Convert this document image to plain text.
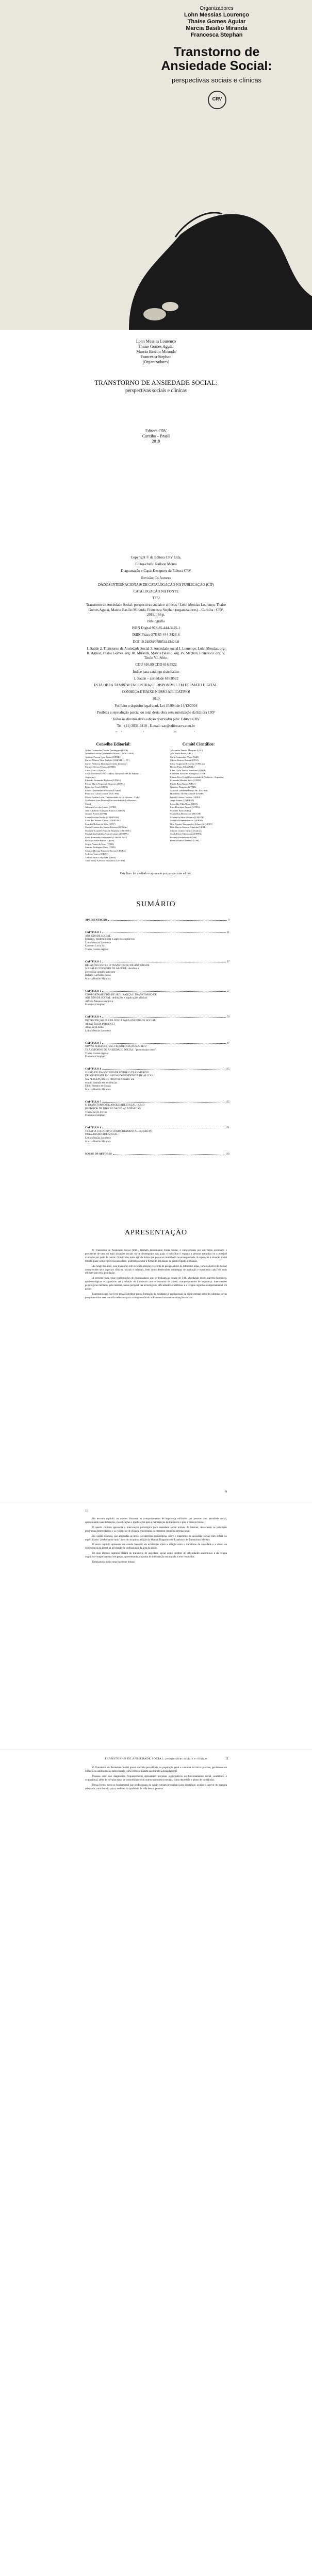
Organizadores
Lohn Messias Lourenço
Thaíse Gomes Aguiar
Marcia Basilio Miranda
Francesca Stephan
Transtorno de Ansiedade Social:
perspectivas sociais e clínicas
CRV
Lohn Messias Lourenço
Thaíse Gomes Aguiar
Marcia Basilio Miranda
Francesca Stephan
(Organizadores)
TRANSTORNO DE ANSIEDADE SOCIAL:
perspectivas sociais e clínicas
Editora CRV
Curitiba – Brasil
2019

Copyright © da Editora CRV Ltda.

Editor-chefe: Railson Moura

Diagramação e Capa: Designers da Editora CRV

Revisão: Os Autores

DADOS INTERNACIONAIS DE CATALOGAÇÃO NA PUBLICAÇÃO (CIP)

CATALOGAÇÃO NA FONTE

T772

Transtorno de Ansiedade Social: perspectivas sociais e clínicas / Lohn Messias Lourenço, Thaíse Gomes Aguiar, Marcia Basilio Miranda, Francesca Stephan (organizadores) – Curitiba : CRV, 2019. 166 p.

Bibliografia

ISBN Digital 978-85-444-3425-1

ISBN Físico 978-85-444-3426-8

DOI 10.24824/978854443426.8

1. Saúde 2. Transtorno de Ansiedade Social 3. Ansiedade social I. Lourenço, Lohn Messias. org. II. Aguiar, Thaíse Gomes. org. III. Miranda, Marcia Basilio. org. IV. Stephan, Francesca. org. V. Título VI. Série.

CDU 616.89 CDD 616.8522

Índice para catálogo sistemático

1. Saúde – ansiedade 616.8522

ESTA OBRA TAMBÉM ENCONTRA-SE DISPONÍVEL EM FORMATO DIGITAL.

CONHEÇA E BAIXE NOSSO APLICATIVO!

2019

Foi feito o depósito legal conf. Lei 10.994 de 14/12/2004

Proibida a reprodução parcial ou total desta obra sem autorização da Editora CRV

Todos os direitos desta edição reservados pela: Editora CRV

Tel.: (41) 3039-6418 - E-mail: sac@editoracrv.com.br

Conselho Editorial:
Aldira Guimarães Duarte Domínguez (UNB)
Andréia da Silva Quintanilha Sousa (UNIR/UFRN)
Antônio Pereira Gaio Júnior (UFRRJ)
Carlos Alberto Vilar Estêvão (UMINHO – PT)
Carlos Federico Dominguez Avila (Unieuro)
Carmen Tereza Velanga (UNIR)
Celso Conti (UFSCar)
Cesar Gerónimo Tello (Univer. Nacional Três de Febrero – Argentina)
Eduardo Fernandes Barbosa (UFMG)
Elione Maria Nogueira Diogenes (UFAL)
Élsio José Corá (UFFS)
Elizeu Clementino de Souza (UNEB)
Francisco Carlos Duarte (PUC-PR)
Gloria Fariñas León (Universidade de La Havana – Cuba)
Guillermo Arias Beatón (Universidade de La Havana – Cuba)
Jailson Alves dos Santos (UFRJ)
João Adalberto Campato Junior (UNESP)
Josania Portela (UFPI)
Leonel Severo Rocha (UNISINOS)
Lídia de Oliveira Xavier (UNIEURO)
Lourdes Helena da Silva (UFV)
Maria Cristina dos Santos Bezerra (UFSCar)
Maria de Lourdes Pinto de Almeida (UNOESC)
Maria Lília Imbiriba Sousa Colares (UFOPA)
Paulo Romualdo Hernandes (UNIFAL-MG)
Rodrigo Pratte-Santos (UFES)
Sérgio Nunes de Jesus (IFRO)
Simone Rodrigues Pinto (UNB)
Solange Helena Ximenes-Rocha (UFOPA)
Sydione Santos (UEPG)
Tadeu Oliver Gonçalves (UFPA)
Tania Suely Azevedo Brasileiro (UFOPA)
Comitê Científico:
Alexandre Pereira Marques (UFF)
Ana Maria Frota (UFC)
Carla Guimarães Alves (UnB)
Cássia Beatriz Batista (UFSJ)
Célio Nogueira de Araújo (UFSCar)
Denise Pinto Silva (UEL)
Edna Lúcia Tinoco Ponciano (UERJ)
Elizabeth Zaccarin Kanegae (UTFPR)
Eliana Alice Puig (Universidade de Valência – Espanha)
Fernanda Mendes Silva (UESB)
Flávia Rosa Naves (UFSJ)
Gilmaro Nogueira (UFRB)
Gustavo Zambenedetti (UNICENTRO)
Hildeberto Oliveira Junior (UEMA)
Isabel Cristina Cardoso (UERJ)
Jorge Soares (UNIFESP)
Leopoldo Vilas Boas (UFSJ)
Luiz Henrique Amaral (UFES)
Marcelo Porto (UEG)
Maria Rita Bittencourt (PUCSP)
Marinalva Silva Oliveira (UNIFAP)
Mauricio Pennemaracha (UFRRJ)
Nita Kiyoko Vasconcelos Schoefeld (UFSC)
Rita Marcia Alencar Almeida (UFRRJ)
Simone Gomes Tavares (Unifacs)
Sarah Palier Valenciano (UFPEL)
Roberta Bittencourt (UNIR)
Renata Ramos Resende (UFS)
Este livro foi avaliado e aprovado por pareceristas ad hoc.
SUMÁRIO
APRESENTAÇÃO	9
CAPÍTULO 1	11
ANSIEDADE SOCIAL:
histórico, epidemiologia e aspectos cognitivos
Lohn Messias Lourenço
Carmem Lucia Sá
Thaíse Gomes Aguiar
CAPÍTULO 2	37
RELAÇÕES ENTRE O TRANSTORNO DE ANSIEDADE
SOCIAL E CONSUMO DE ÁLCOOL: desafios à
prevenção científica recente
Rafaela Carvalho Bessa
Marcia Basilio Miranda
CAPÍTULO 3	57
COMPORTAMENTOS DE SEGURANÇA E TRANSTORNO DE
ANSIEDADE SOCIAL: definições e implicações clínicas
Alfredo Menezes da Silva
Francesca Stephan
CAPÍTULO 4	79
INTERVENÇÃO PSICOLÓGICA PARA ANSIEDADE SOCIAL
ATRAVÉS DA INTERNET
Aline Silva Lima
Lohn Messias Lourenço
CAPÍTULO 5	97
NOVAS PERSPECTIVAS TECNOLÓGICAS SOBRE O
TRANSTORNO DE ANSIEDADE SOCIAL: "performance only"
Thaíse Gomes Aguiar
Francesca Stephan
CAPÍTULO 6	115
O ESTUDO DA SOCIEDADE ENTRE O TRANSTORNO
DE ANSIEDADE E O ABUSO/DEPENDÊNCIA DE ÁLCOOL
NA PERCEPÇÃO DE PROFISSIONAIS: um
estudo baseado em evidências
Fábio Ferreira de Souza
Marcia Basilio Miranda
CAPÍTULO 7	135
O TRANSTORNO DE ANSIEDADE SOCIAL COMO
PREDITOR DE DIFICULDADES ACADÊMICAS
Thainá Alves Ferraz
Francesca Stephan
CAPÍTULO 8	151
TERAPIA COGNITIVO-COMPORTAMENTAL EM GRUPO
PARA ANSIEDADE SOCIAL
Lohn Messias Lourenço
Marcia Basilio Miranda
SOBRE OS AUTORES	163
APRESENTAÇÃO

O Transtorno de Ansiedade Social (TAS), também denominado Fobia Social, é caracterizado por um medo acentuado e persistente de uma ou mais situações sociais ou de desempenho nas quais o indivíduo é exposto a pessoas estranhas ou a possível avaliação por parte de outros. O indivíduo teme agir de forma que possa ser humilhado ou envergonhado. A exposição à situação social temida quase sempre provoca ansiedade, podendo assumir a forma de um ataque de pânico ligado à situação.

Ao longo dos anos, esse transtorno tem recebido atenção crescente de pesquisadores de diferentes áreas, com o objetivo de melhor compreender seus aspectos clínicos, sociais e culturais, bem como desenvolver estratégias de avaliação e tratamento cada vez mais eficazes para essa população.

A presente obra reúne contribuições de pesquisadores que se dedicam ao estudo do TAS, abordando desde aspectos históricos, epidemiológicos e cognitivos até a relação do transtorno com o consumo de álcool, comportamentos de segurança, intervenções psicológicas mediadas pela internet, novas perspectivas tecnológicas, dificuldades acadêmicas e a terapia cognitivo-comportamental em grupo.

Esperamos que este livro possa contribuir para a formação de estudantes e profissionais da saúde mental, além de estimular novas pesquisas sobre esse tema tão relevante para a compreensão do sofrimento humano em situações sociais.

9
10

No terceiro capítulo, os autores discutem os comportamentos de segurança utilizados por pessoas com ansiedade social, apresentando suas definições, classificações e implicações para a manutenção do transtorno e para a prática clínica.

O quarto capítulo apresenta a intervenção psicológica para ansiedade social através da internet, destacando os principais programas desenvolvidos e as evidências de eficácia encontradas na literatura científica internacional.

No quinto capítulo, são abordadas as novas perspectivas tecnológicas sobre o transtorno de ansiedade social, com ênfase no especificador "performance only", descrito na quinta edição do Manual Diagnóstico e Estatístico de Transtornos Mentais.

O sexto capítulo apresenta um estudo baseado em evidências sobre a relação entre o transtorno de ansiedade e o abuso ou dependência de álcool na percepção de profissionais da área da saúde.

Os dois últimos capítulos tratam do transtorno de ansiedade social como preditor de dificuldades acadêmicas e da terapia cognitivo-comportamental em grupo, apresentando propostas de intervenção estruturada e seus resultados.

Desejamos a todos uma excelente leitura!

TRANSTORNO DE ANSIEDADE SOCIAL: perspectivas sociais e clínicas	11

O Transtorno de Ansiedade Social possui elevada prevalência na população geral e costuma ter início precoce, geralmente na infância ou adolescência, apresentando curso crônico quando não tratado adequadamente.

Pessoas com esse diagnóstico frequentemente apresentam prejuízos significativos no funcionamento social, acadêmico e ocupacional, além de elevadas taxas de comorbidade com outros transtornos mentais, como depressão e abuso de substâncias.

Dessa forma, torna-se fundamental que profissionais da saúde estejam preparados para identificar, avaliar e intervir de maneira adequada, contribuindo para a melhora da qualidade de vida dessas pessoas.
